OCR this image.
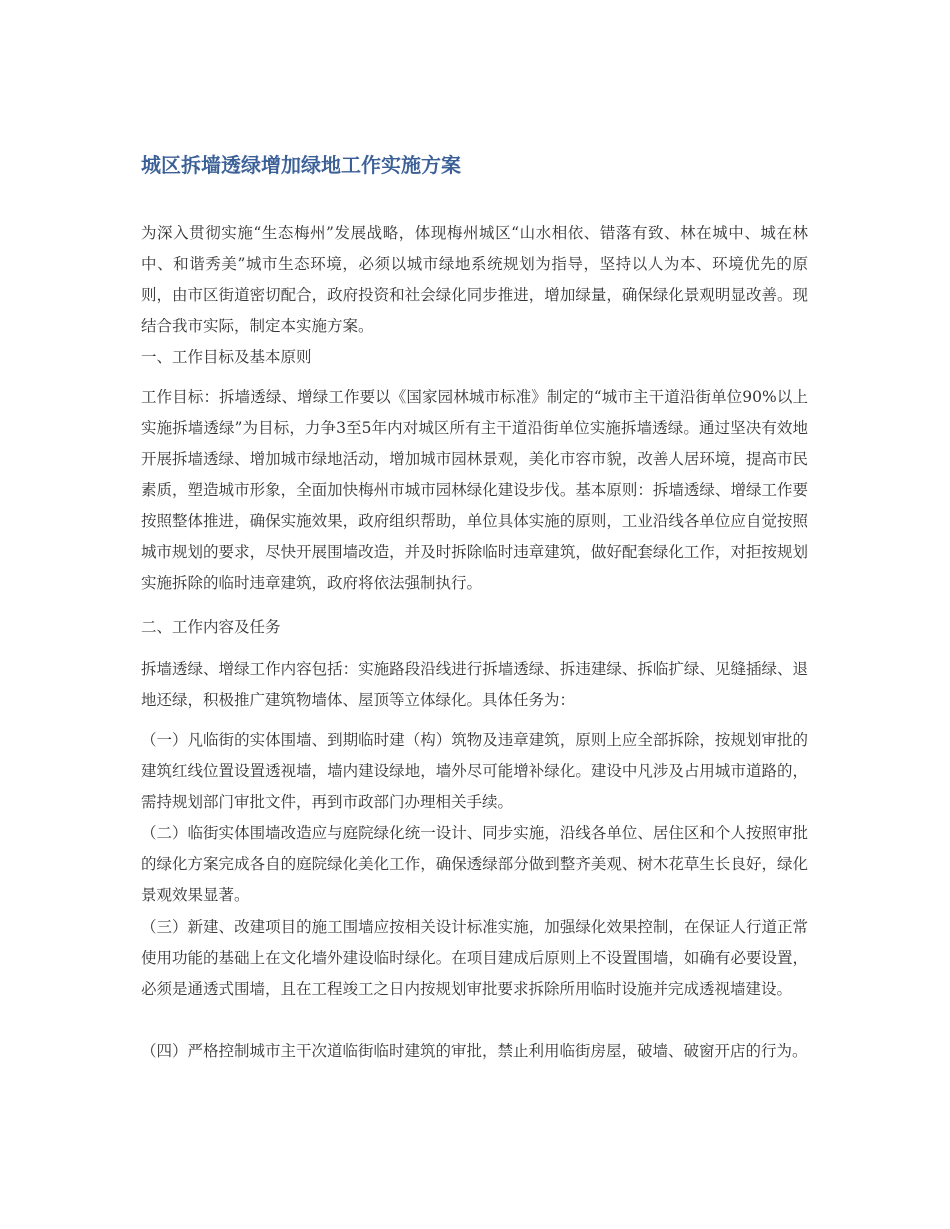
城区拆墙透绿增加绿地工作实施方案

为深入贯彻实施“生态梅州”发展战略，体现梅州城区“山水相依、错落有致、林在城中、城在林中、和谐秀美”城市生态环境，必须以城市绿地系统规划为指导，坚持以人为本、环境优先的原则，由市区街道密切配合，政府投资和社会绿化同步推进，增加绿量，确保绿化景观明显改善。现结合我市实际，制定本实施方案。

一、工作目标及基本原则

工作目标：拆墙透绿、增绿工作要以《国家园林城市标准》制定的“城市主干道沿街单位90%以上实施拆墙透绿”为目标，力争3至5年内对城区所有主干道沿街单位实施拆墙透绿。通过坚决有效地开展拆墙透绿、增加城市绿地活动，增加城市园林景观，美化市容市貌，改善人居环境，提高市民素质，塑造城市形象，全面加快梅州市城市园林绿化建设步伐。基本原则：拆墙透绿、增绿工作要按照整体推进，确保实施效果，政府组织帮助，单位具体实施的原则，工业沿线各单位应自觉按照城市规划的要求，尽快开展围墙改造，并及时拆除临时违章建筑，做好配套绿化工作，对拒按规划实施拆除的临时违章建筑，政府将依法强制执行。

二、工作内容及任务

拆墙透绿、增绿工作内容包括：实施路段沿线进行拆墙透绿、拆违建绿、拆临扩绿、见缝插绿、退地还绿，积极推广建筑物墙体、屋顶等立体绿化。具体任务为：

（一）凡临街的实体围墙、到期临时建（构）筑物及违章建筑，原则上应全部拆除，按规划审批的建筑红线位置设置透视墙，墙内建设绿地，墙外尽可能增补绿化。建设中凡涉及占用城市道路的，需持规划部门审批文件，再到市政部门办理相关手续。

（二）临街实体围墙改造应与庭院绿化统一设计、同步实施，沿线各单位、居住区和个人按照审批的绿化方案完成各自的庭院绿化美化工作，确保透绿部分做到整齐美观、树木花草生长良好，绿化景观效果显著。

（三）新建、改建项目的施工围墙应按相关设计标准实施，加强绿化效果控制，在保证人行道正常使用功能的基础上在文化墙外建设临时绿化。在项目建成后原则上不设置围墙，如确有必要设置，必须是通透式围墙，且在工程竣工之日内按规划审批要求拆除所用临时设施并完成透视墙建设。

（四）严格控制城市主干次道临街临时建筑的审批，禁止利用临街房屋，破墙、破窗开店的行为。
